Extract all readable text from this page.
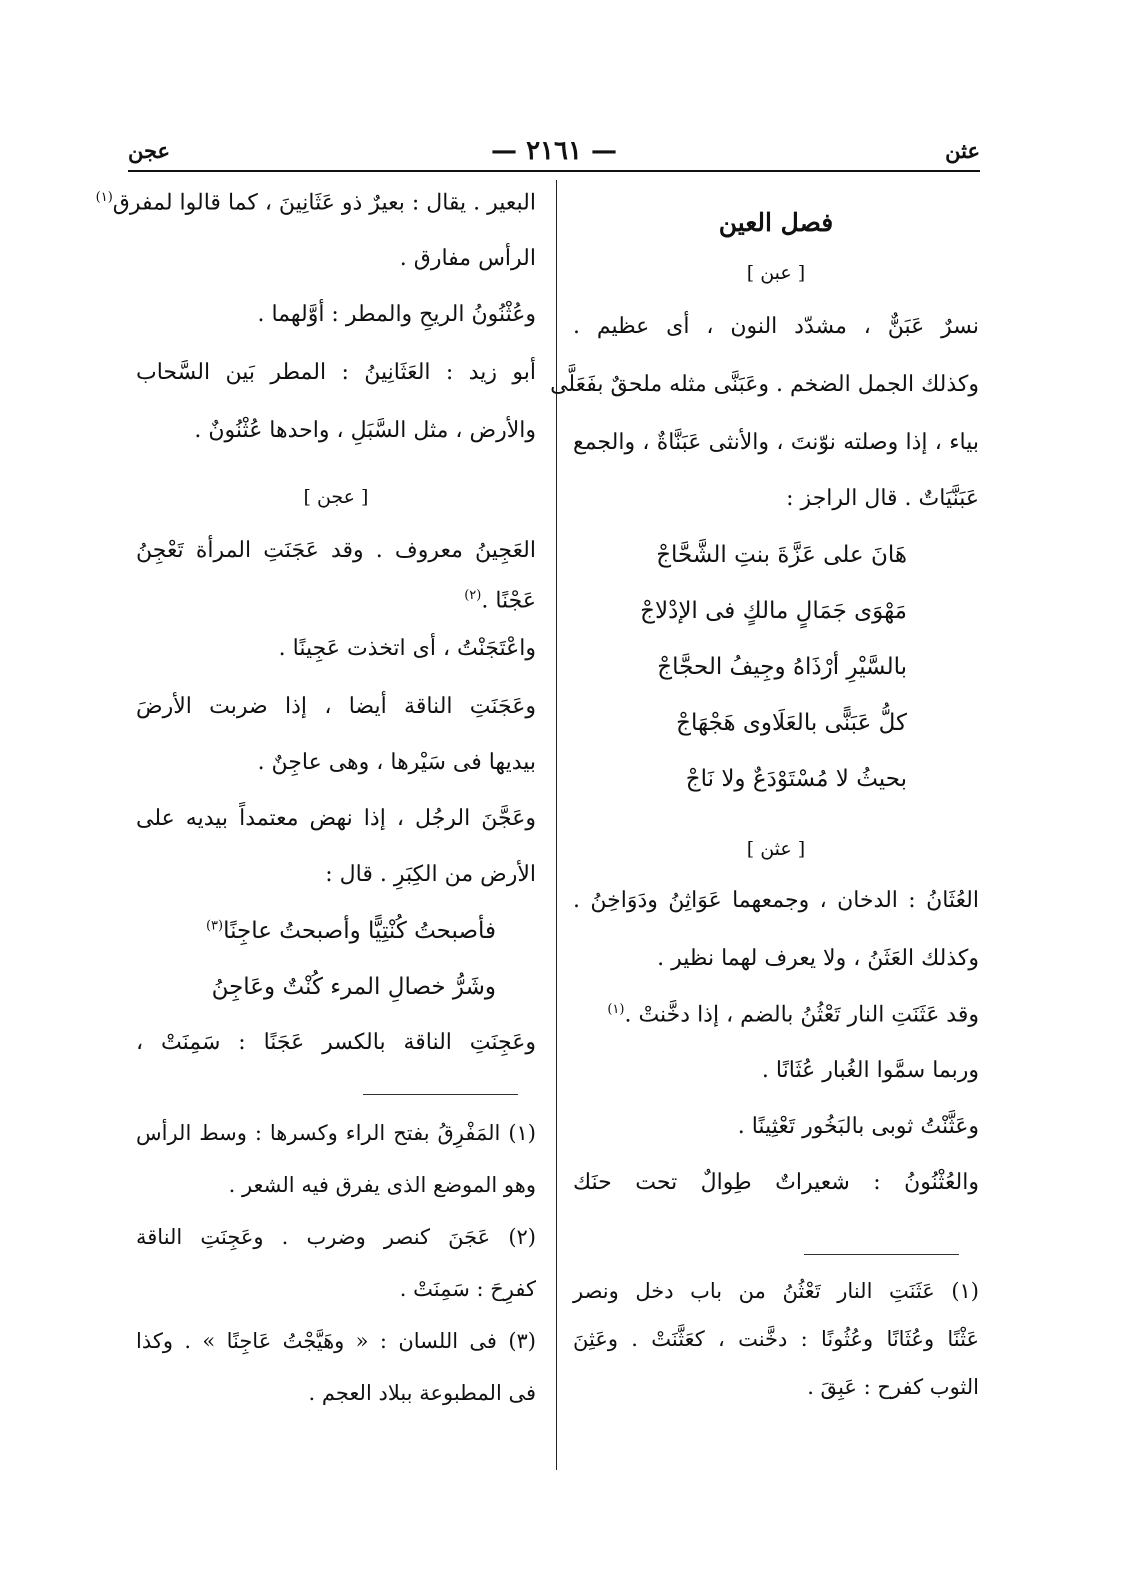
عثن
— ٢١٦١ —
عجن
فصل العين
[ عبن ]
نسرٌ عَبَنٌّ ، مشدّد النون ، أى عظيم .
وكذلك الجمل الضخم . وعَبَنَّى مثله ملحقٌ بفَعَلَّى
بياء ، إذا وصلته نوّنتَ ، والأنثى عَبَنَّاةٌ ، والجمع
عَبَنَّيَاتٌ . قال الراجز :
هَانَ على عَزَّةَ بنتِ الشَّحَّاجْ
مَهْوَى جَمَالٍ مالكٍ فى الإدْلاجْ
بالسَّيْرِ أرْذَاهُ وجِيفُ الحجَّاجْ
كلُّ عَبَنًّى بالعَلَاوى هَجْهَاجْ
بحيثُ لا مُسْتَوْدَعٌ ولا نَاجْ
[ عثن ]
العُثَانُ : الدخان ، وجمعهما عَوَاثِنُ ودَوَاخِنُ .
وكذلك العَثَنُ ، ولا يعرف لهما نظير .
وقد عَثَنَتِ النار تَعْثُنُ بالضم ، إذا دخَّنتْ .$^{(١)}$
وربما سمَّوا الغُبار عُثَانًا .
وعَثَّنْتُ ثوبى بالبَخُور تَعْثِينًا .
والعُثْنُونُ : شعيراتٌ طِوالٌ تحت حنَك
(١) عَثَنَتِ النار تَعْثُنُ من باب دخل ونصر
عَثْنًا وعُثَانًا وعُثُونًا : دخَّنت ، كعَثَّنَتْ . وعَثِنَ
الثوب كفرح : عَبِقَ .
البعير . يقال : بعيرٌ ذو عَثَانِينَ ، كما قالوا لمفرق$^{(١)}$
الرأس مفارق .
وعُثْنُونُ الريحِ والمطر : أوَّلهما .
أبو زيد : العَثَانِينُ : المطر بَين السَّحاب
والأرض ، مثل السَّبَلِ ، واحدها عُثْنُونٌ .
[ عجن ]
العَجِينُ معروف . وقد عَجَنَتِ المرأة تَعْجِنُ
عَجْنًا .$^{(٢)}$
واعْتَجَنْتُ ، أى اتخذت عَجِينًا .
وعَجَنَتِ الناقة أيضا ، إذا ضربت الأرضَ
بيديها فى سَيْرها ، وهى عاجِنٌ .
وعَجَّنَ الرجُل ، إذا نهض معتمداً بيديه على
الأرض من الكِبَرِ . قال :
فأصبحتُ كُنْتِيًّا وأصبحتُ عاجِنًا$^{(٣)}$
وشَرُّ خصالِ المرء كُنْتٌ وعَاجِنُ
وعَجِنَتِ الناقة بالكسر عَجَنًا : سَمِنَتْ ،
(١) المَفْرِقُ بفتح الراء وكسرها : وسط الرأس
وهو الموضع الذى يفرق فيه الشعر .
(٢) عَجَنَ كنصر وضرب . وعَجِنَتِ الناقة
كفرِحَ : سَمِنَتْ .
(٣) فى اللسان : « وهَيَّجْتُ عَاجِنًا » . وكذا
فى المطبوعة ببلاد العجم .
